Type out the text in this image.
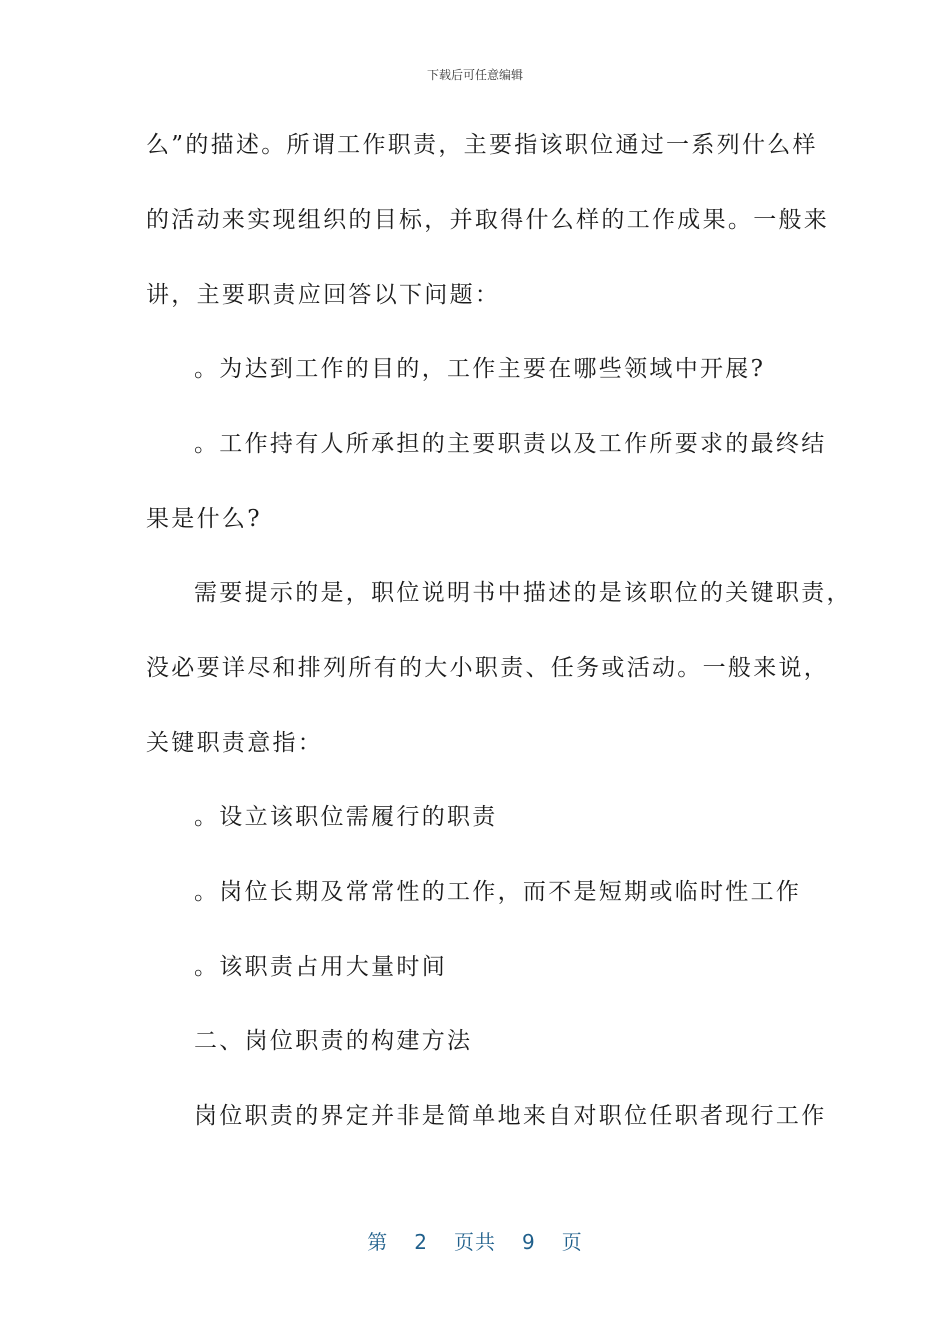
下载后可任意编辑
么”的描述。所谓工作职责，主要指该职位通过一系列什么样
的活动来实现组织的目标，并取得什么样的工作成果。一般来
讲，主要职责应回答以下问题：
。为达到工作的目的，工作主要在哪些领域中开展?
。工作持有人所承担的主要职责以及工作所要求的最终结
果是什么?
需要提示的是，职位说明书中描述的是该职位的关键职责，
没必要详尽和排列所有的大小职责、任务或活动。一般来说，
关键职责意指：
。设立该职位需履行的职责
。岗位长期及常常性的工作，而不是短期或临时性工作
。该职责占用大量时间
二、岗位职责的构建方法
岗位职责的界定并非是简单地来自对职位任职者现行工作
第 2 页共 9 页
